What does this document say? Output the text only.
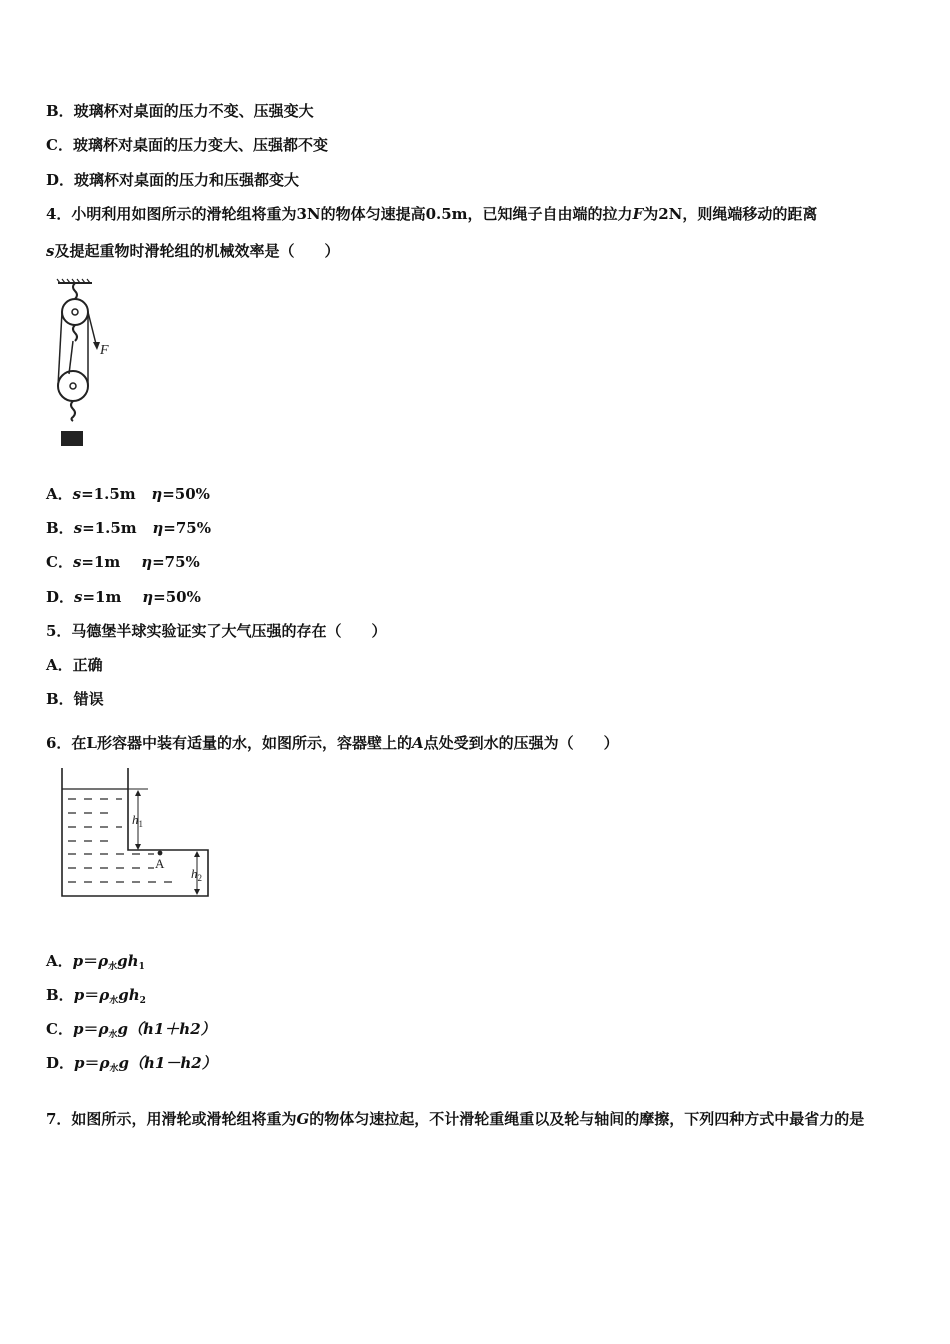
B．玻璃杯对桌面的压力不变、压强变大
C．玻璃杯对桌面的压力变大、压强都不变
D．玻璃杯对桌面的压力和压强都变大
4．小明利用如图所示的滑轮组将重为3N的物体匀速提高0.5m，已知绳子自由端的拉力F为2N，则绳端移动的距离
s及提起重物时滑轮组的机械效率是（　　）
F
A．s=1.5m η=50%
B．s=1.5m η=75%
C．s=1m η=75%
D．s=1m η=50%
5．马德堡半球实验证实了大气压强的存在（　　）
A．正确
B．错误
6．在L形容器中装有适量的水，如图所示，容器壁上的A点处受到水的压强为（　　）
A
$h_1$
$h_2$
A．$p=\rho_水gh_1$
B．$p=\rho_水gh_2$
C．$p=\rho_水g(h1+h2)$
D．$p=\rho_水g(h1-h2)$
7．如图所示，用滑轮或滑轮组将重为G的物体匀速拉起，不计滑轮重绳重以及轮与轴间的摩擦，下列四种方式中最省力的是
